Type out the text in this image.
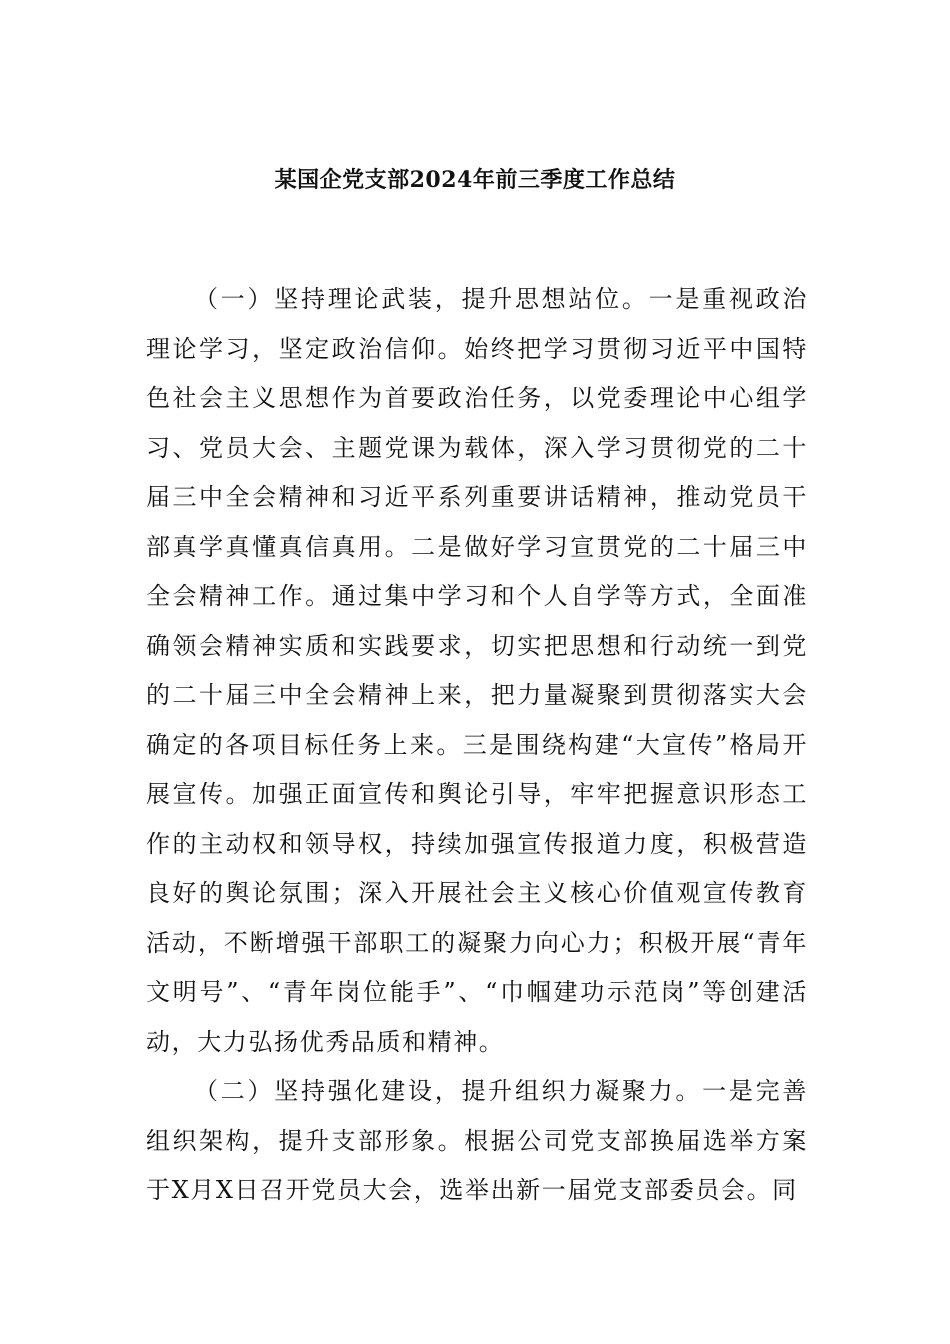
某国企党支部2024年前三季度工作总结

（一）坚持理论武装，提升思想站位。一是重视政治理论学习，坚定政治信仰。始终把学习贯彻习近平中国特色社会主义思想作为首要政治任务，以党委理论中心组学习、党员大会、主题党课为载体，深入学习贯彻党的二十届三中全会精神和习近平系列重要讲话精神，推动党员干部真学真懂真信真用。二是做好学习宣贯党的二十届三中全会精神工作。通过集中学习和个人自学等方式，全面准确领会精神实质和实践要求，切实把思想和行动统一到党的二十届三中全会精神上来，把力量凝聚到贯彻落实大会确定的各项目标任务上来。三是围绕构建“大宣传”格局开展宣传。加强正面宣传和舆论引导，牢牢把握意识形态工作的主动权和领导权，持续加强宣传报道力度，积极营造良好的舆论氛围；深入开展社会主义核心价值观宣传教育活动，不断增强干部职工的凝聚力向心力；积极开展“青年文明号”、“青年岗位能手”、“巾帼建功示范岗”等创建活动，大力弘扬优秀品质和精神。

（二）坚持强化建设，提升组织力凝聚力。一是完善组织架构，提升支部形象。根据公司党支部换届选举方案于X月X日召开党员大会，选举出新一届党支部委员会。同
